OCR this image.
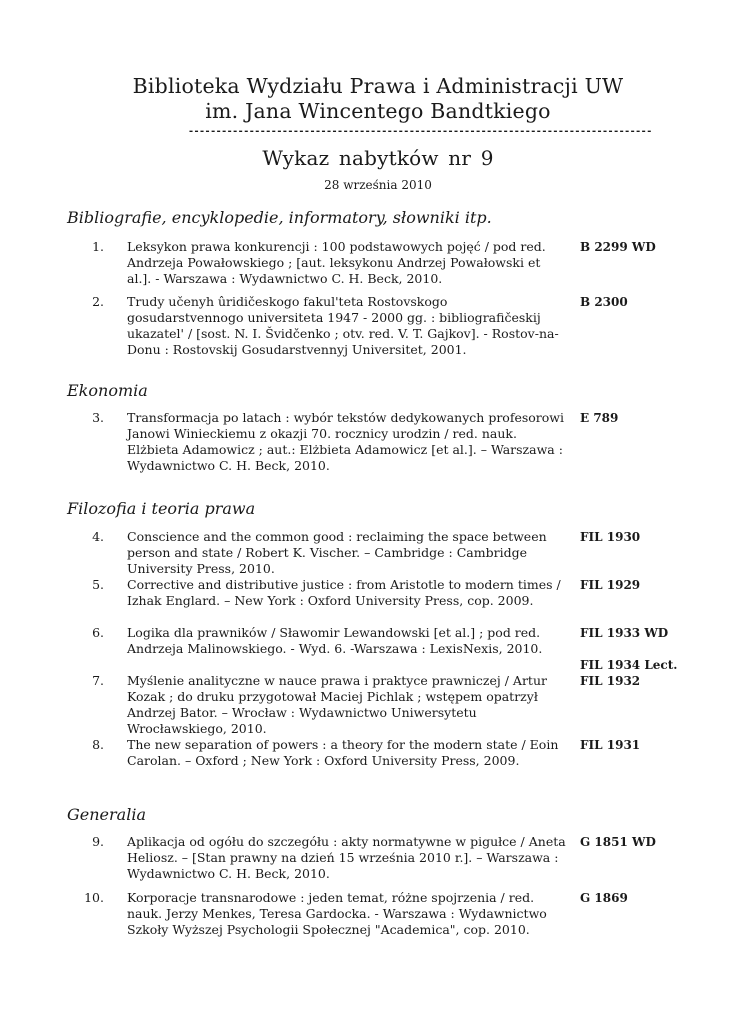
Biblioteka Wydziału Prawa i Administracji UW
im. Jana Wincentego Bandtkiego
------------------------------------------------------------------------------------
Wykaz nabytków nr 9
28 września 2010
Bibliografie, encyklopedie, informatory, słowniki itp.
1. Leksykon prawa konkurencji : 100 podstawowych pojęć / pod red. Andrzeja Powałowskiego ; [aut. leksykonu Andrzej Powałowski et al.]. - Warszawa : Wydawnictwo C. H. Beck, 2010.
B 2299 WD
2. Trudy učenyh ûridičeskogo fakul'teta Rostovskogo gosudarstvennogo universiteta 1947 - 2000 gg. : bibliografičeskij ukazatel' / [sost. N. I. Švidčenko ; otv. red. V. T. Gajkov]. - Rostov-na-Donu : Rostovskij Gosudarstvennyj Universitet, 2001.
B 2300
Ekonomia
3. Transformacja po latach : wybór tekstów dedykowanych profesorowi Janowi Winieckiemu z okazji 70. rocznicy urodzin / red. nauk. Elżbieta Adamowicz ; aut.: Elżbieta Adamowicz [et al.]. – Warszawa : Wydawnictwo C. H. Beck, 2010.
E 789
Filozofia i teoria prawa
4. Conscience and the common good : reclaiming the space between person and state / Robert K. Vischer. – Cambridge : Cambridge University Press, 2010.
FIL 1930
5. Corrective and distributive justice : from Aristotle to modern times / Izhak Englard. – New York : Oxford University Press, cop. 2009.
FIL 1929
6. Logika dla prawników / Sławomir Lewandowski [et al.] ; pod red. Andrzeja Malinowskiego. - Wyd. 6. -Warszawa : LexisNexis, 2010.
FIL 1933 WD
FIL 1934 Lect.
7. Myślenie analityczne w nauce prawa i praktyce prawniczej / Artur Kozak ; do druku przygotował Maciej Pichlak ; wstępem opatrzył Andrzej Bator. – Wrocław : Wydawnictwo Uniwersytetu Wrocławskiego, 2010.
FIL 1932
8. The new separation of powers : a theory for the modern state / Eoin Carolan. – Oxford ; New York : Oxford University Press, 2009.
FIL 1931
Generalia
9. Aplikacja od ogółu do szczegółu : akty normatywne w pigułce / Aneta Heliosz. – [Stan prawny na dzień 15 września 2010 r.]. – Warszawa : Wydawnictwo C. H. Beck, 2010.
G 1851 WD
10. Korporacje transnarodowe : jeden temat, różne spojrzenia / red. nauk. Jerzy Menkes, Teresa Gardocka. - Warszawa : Wydawnictwo Szkoły Wyższej Psychologii Społecznej "Academica", cop. 2010.
G 1869
